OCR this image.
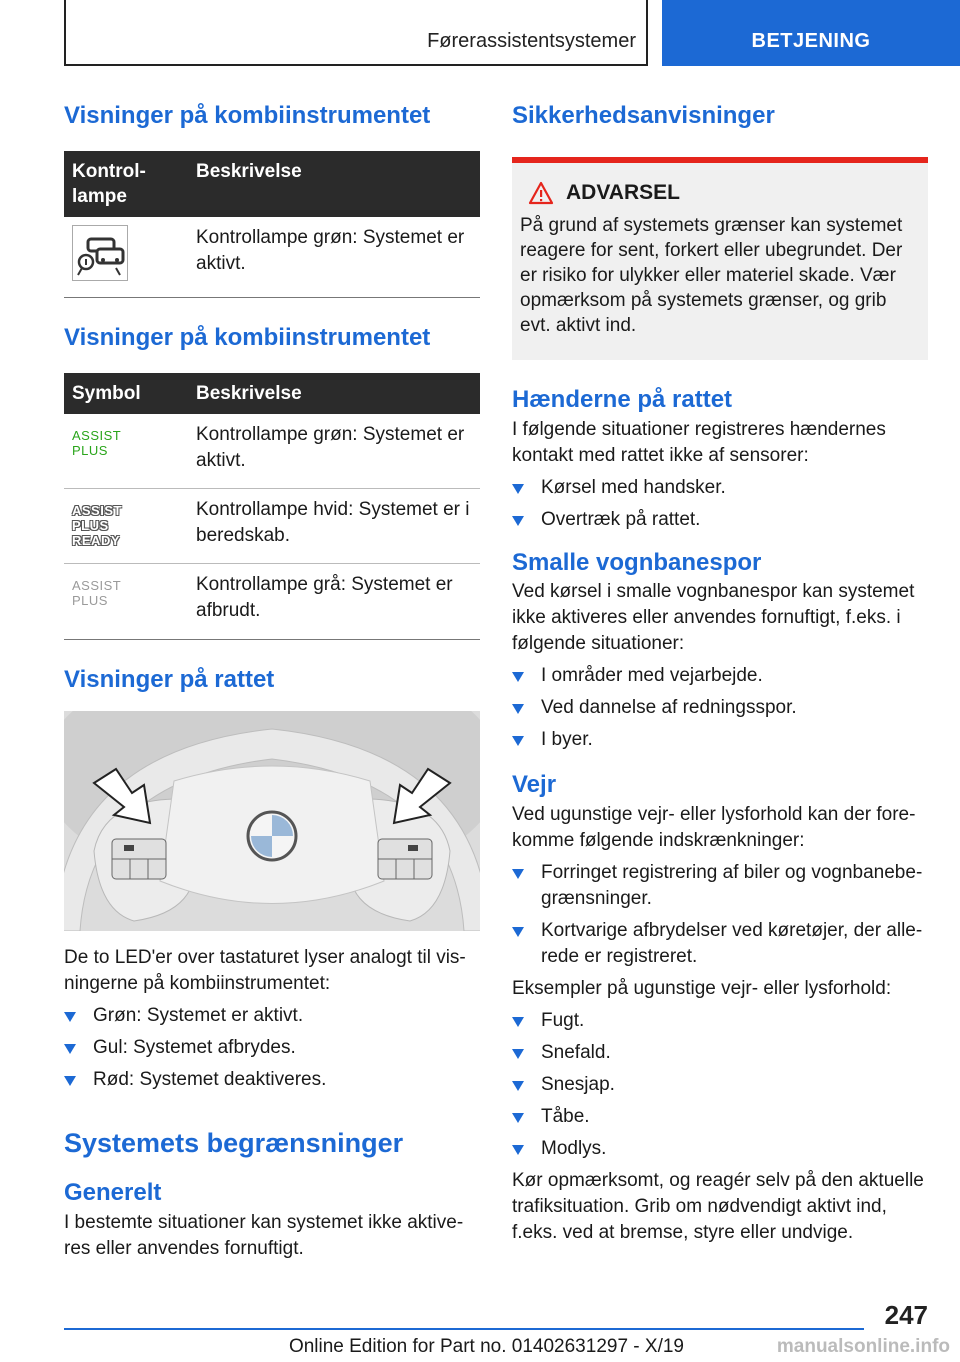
Førerassistentsystemer	BETJENING
Visninger på kombiinstrumentet
Kontrol-lampe	Beskrivelse
	Kontrollampe grøn: Systemet er aktivt.
Visninger på kombiinstrumentet
Symbol	Beskrivelse

ASSIST
PLUS	Kontrollampe grøn: Systemet er aktivt.

ASSIST
PLUS
READY	Kontrollampe hvid: Systemet er i beredskab.

ASSIST
PLUS	Kontrollampe grå: Systemet er afbrudt.
Visninger på rattet

De to LED'er over tastaturet lyser analogt til vis-ningerne på kombiinstrumentet:

Grøn: Systemet er aktivt.
Gul: Systemet afbrydes.
Rød: Systemet deaktiveres.
Systemets begrænsninger
Generelt

I bestemte situationer kan systemet ikke aktive-res eller anvendes fornuftigt.

Sikkerhedsanvisninger
ADVARSEL

På grund af systemets grænser kan systemet reagere for sent, forkert eller ubegrundet. Der er risiko for ulykker eller materiel skade. Vær opmærksom på systemets grænser, og grib evt. aktivt ind.

Hænderne på rattet

I følgende situationer registreres hændernes kontakt med rattet ikke af sensorer:

Kørsel med handsker.
Overtræk på rattet.
Smalle vognbanespor

Ved kørsel i smalle vognbanespor kan systemet ikke aktiveres eller anvendes fornuftigt, f.eks. i følgende situationer:

I områder med vejarbejde.
Ved dannelse af redningsspor.
I byer.
Vejr

Ved ugunstige vejr- eller lysforhold kan der fore-komme følgende indskrænkninger:

Forringet registrering af biler og vognbanebe-grænsninger.
Kortvarige afbrydelser ved køretøjer, der alle-rede er registreret.

Eksempler på ugunstige vejr- eller lysforhold:

Fugt.
Snefald.
Snesjap.
Tåbe.
Modlys.

Kør opmærksomt, og reagér selv på den aktuelle trafiksituation. Grib om nødvendigt aktivt ind, f.eks. ved at bremse, styre eller undvige.

247
Online Edition for Part no. 01402631297 - X/19	manualsonline.info
